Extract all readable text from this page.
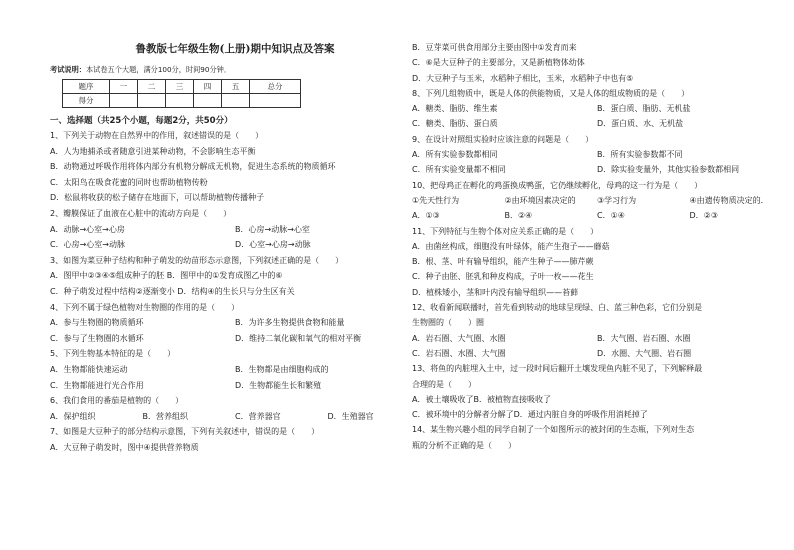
鲁教版七年级生物(上册)期中知识点及答案
考试说明：本试卷五个大题，满分100分，时间90分钟．
题序	一	二	三	四	五	总分
得分						
一、选择题（共25个小题，每题2分，共50分）
1、下列关于动物在自然界中的作用，叙述错误的是（　　）
A．人为地捕杀或者随意引进某种动物，不会影响生态平衡
B．动物通过呼吸作用将体内部分有机物分解成无机物，促进生态系统的物质循环
C．太阳鸟在吸食花蜜的同时也帮助植物传粉
D．松鼠将收获的松子储存在地面下，可以帮助植物传播种子
2、瓣膜保证了血液在心脏中的流动方向是（　　）
A．动脉→心室→心房	B．心房→动脉→心室
C．心房→心室→动脉	D．心室→心房→动脉
3、如图为菜豆种子结构和种子萌发的幼苗形态示意图，下列叙述正确的是（　　）
A．图甲中②③④⑤组成种子的胚 B．图甲中的①发育成图乙中的⑥
C．种子萌发过程中结构②逐渐变小 D．结构④的生长只与分生区有关
4、下列不属于绿色植物对生物圈的作用的是（　　）
A．参与生物圈的物质循环	B．为许多生物提供食物和能量
C．参与了生物圈的水循环	D．维持二氧化碳和氧气的相对平衡
5、下列生物基本特征的是（　　）
A．生物都能快速运动	B．生物都是由细胞构成的
C．生物都能进行光合作用	D．生物都能生长和繁殖
6、我们食用的番茄是植物的（　　）
A．保护组织	B．营养组织	C．营养器官	D．生殖器官
7、如图是大豆种子的部分结构示意图，下列有关叙述中，错误的是（　　）
A．大豆种子萌发时，图中④提供营养物质
B．豆芽菜可供食用部分主要由图中①发育而来
C．⑥是大豆种子的主要部分，又是新植物体幼体
D．大豆种子与玉米，水稻种子相比，玉米，水稻种子中也有⑤
8、下列几组物质中，既是人体的供能物质，又是人体的组成物质的是（　　）
A．糖类、脂肪、维生素	B．蛋白质、脂肪、无机盐
C．糖类、脂肪、蛋白质	D．蛋白质、水、无机盐
9、在设计对照组实验时应该注意的问题是（　　）
A．所有实验参数都相同	B．所有实验参数都不同
C．所有实验变量都不相同	D．除实验变量外，其他实验参数都相同
10、把母鸡正在孵化的鸡蛋换成鸭蛋，它仍继续孵化，母鸡的这一行为是（　　）
①先天性行为	②由环境因素决定的	③学习行为	④由遗传物质决定的．
A．①③	B．②④	C．①④	D．②③
11、下列特征与生物个体对应关系正确的是（　　）
A．由菌丝构成，细胞没有叶绿体，能产生孢子——蘑菇
B．根、茎、叶有输导组织，能产生种子——肺芹蕨
C．种子由胚、胚乳和种皮构成，子叶一枚——花生
D．植株矮小，茎和叶内没有输导组织——苔藓
12、收看新闻联播时，首先看到转动的地球呈现绿、白、蓝三种色彩，它们分别是
生物圈的（　　）圈
A．岩石圈、大气圈、水圈	B．大气圈、岩石圈、水圈
C．岩石圈、水圈、大气圈	D．水圈、大气圈、岩石圈
13、将鱼的内脏埋入土中，过一段时间后翻开土壤发现鱼内脏不见了，下列解释最
合理的是（　　）
A．被土壤吸收了B．被植物直接吸收了
C．被环境中的分解者分解了D．通过内脏自身的呼吸作用消耗掉了
14、某生物兴趣小组的同学自制了一个如图所示的被封闭的生态瓶，下列对生态
瓶的分析不正确的是（　　）
